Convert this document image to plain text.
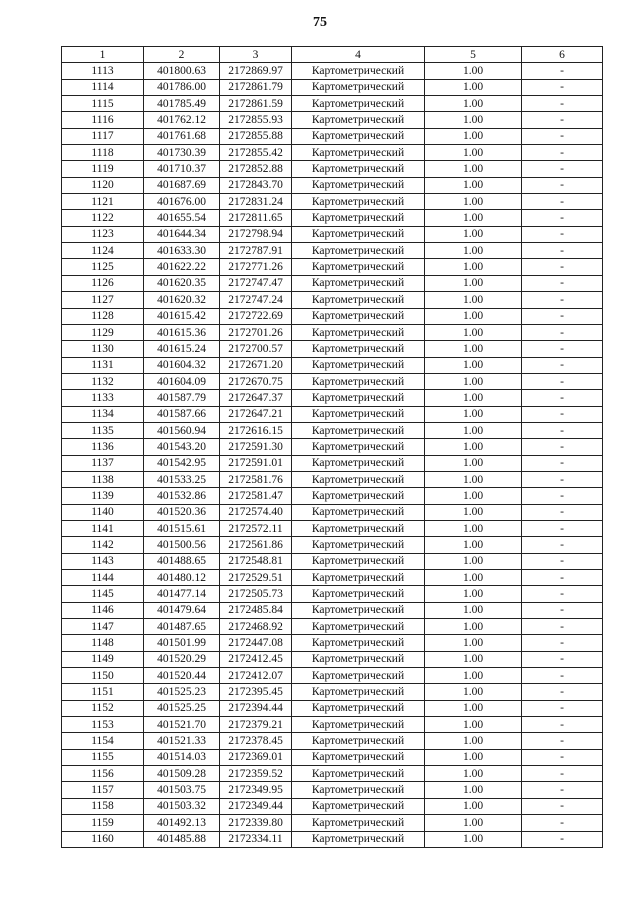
75
1	2	3	4	5	6
1113	401800.63	2172869.97	Картометрический	1.00	-
1114	401786.00	2172861.79	Картометрический	1.00	-
1115	401785.49	2172861.59	Картометрический	1.00	-
1116	401762.12	2172855.93	Картометрический	1.00	-
1117	401761.68	2172855.88	Картометрический	1.00	-
1118	401730.39	2172855.42	Картометрический	1.00	-
1119	401710.37	2172852.88	Картометрический	1.00	-
1120	401687.69	2172843.70	Картометрический	1.00	-
1121	401676.00	2172831.24	Картометрический	1.00	-
1122	401655.54	2172811.65	Картометрический	1.00	-
1123	401644.34	2172798.94	Картометрический	1.00	-
1124	401633.30	2172787.91	Картометрический	1.00	-
1125	401622.22	2172771.26	Картометрический	1.00	-
1126	401620.35	2172747.47	Картометрический	1.00	-
1127	401620.32	2172747.24	Картометрический	1.00	-
1128	401615.42	2172722.69	Картометрический	1.00	-
1129	401615.36	2172701.26	Картометрический	1.00	-
1130	401615.24	2172700.57	Картометрический	1.00	-
1131	401604.32	2172671.20	Картометрический	1.00	-
1132	401604.09	2172670.75	Картометрический	1.00	-
1133	401587.79	2172647.37	Картометрический	1.00	-
1134	401587.66	2172647.21	Картометрический	1.00	-
1135	401560.94	2172616.15	Картометрический	1.00	-
1136	401543.20	2172591.30	Картометрический	1.00	-
1137	401542.95	2172591.01	Картометрический	1.00	-
1138	401533.25	2172581.76	Картометрический	1.00	-
1139	401532.86	2172581.47	Картометрический	1.00	-
1140	401520.36	2172574.40	Картометрический	1.00	-
1141	401515.61	2172572.11	Картометрический	1.00	-
1142	401500.56	2172561.86	Картометрический	1.00	-
1143	401488.65	2172548.81	Картометрический	1.00	-
1144	401480.12	2172529.51	Картометрический	1.00	-
1145	401477.14	2172505.73	Картометрический	1.00	-
1146	401479.64	2172485.84	Картометрический	1.00	-
1147	401487.65	2172468.92	Картометрический	1.00	-
1148	401501.99	2172447.08	Картометрический	1.00	-
1149	401520.29	2172412.45	Картометрический	1.00	-
1150	401520.44	2172412.07	Картометрический	1.00	-
1151	401525.23	2172395.45	Картометрический	1.00	-
1152	401525.25	2172394.44	Картометрический	1.00	-
1153	401521.70	2172379.21	Картометрический	1.00	-
1154	401521.33	2172378.45	Картометрический	1.00	-
1155	401514.03	2172369.01	Картометрический	1.00	-
1156	401509.28	2172359.52	Картометрический	1.00	-
1157	401503.75	2172349.95	Картометрический	1.00	-
1158	401503.32	2172349.44	Картометрический	1.00	-
1159	401492.13	2172339.80	Картометрический	1.00	-
1160	401485.88	2172334.11	Картометрический	1.00	-
